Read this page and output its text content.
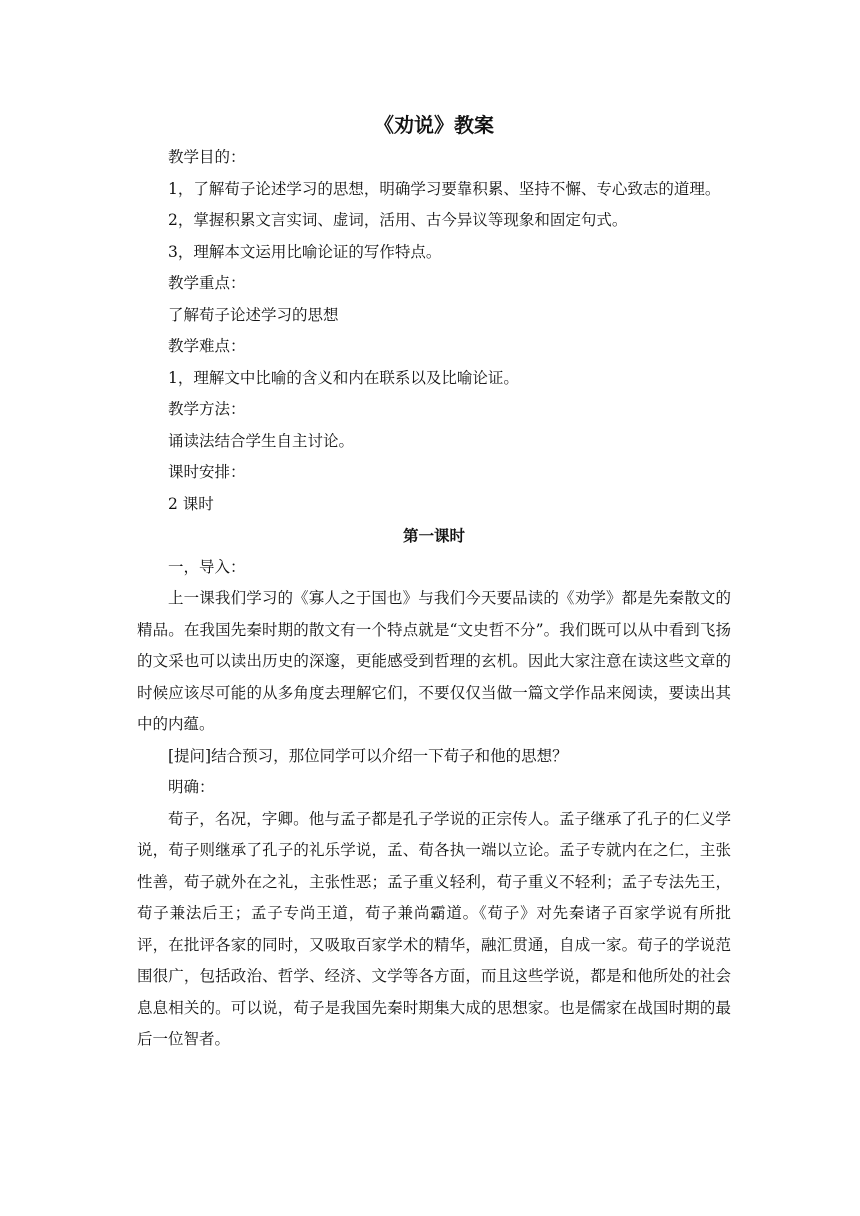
《劝说》教案

教学目的：

1，了解荀子论述学习的思想，明确学习要靠积累、坚持不懈、专心致志的道理。

2，掌握积累文言实词、虚词，活用、古今异议等现象和固定句式。

3，理解本文运用比喻论证的写作特点。

教学重点：

了解荀子论述学习的思想

教学难点：

1，理解文中比喻的含义和内在联系以及比喻论证。

教学方法：

诵读法结合学生自主讨论。

课时安排：

2 课时

第一课时

一，导入：

上一课我们学习的《寡人之于国也》与我们今天要品读的《劝学》都是先秦散文的精品。在我国先秦时期的散文有一个特点就是“文史哲不分”。我们既可以从中看到飞扬的文采也可以读出历史的深邃，更能感受到哲理的玄机。因此大家注意在读这些文章的时候应该尽可能的从多角度去理解它们，不要仅仅当做一篇文学作品来阅读，要读出其中的内蕴。

[提问]结合预习，那位同学可以介绍一下荀子和他的思想？

明确：

荀子，名况，字卿。他与孟子都是孔子学说的正宗传人。孟子继承了孔子的仁义学说，荀子则继承了孔子的礼乐学说，孟、荀各执一端以立论。孟子专就内在之仁，主张性善，荀子就外在之礼，主张性恶；孟子重义轻利，荀子重义不轻利；孟子专法先王，荀子兼法后王；孟子专尚王道，荀子兼尚霸道。《荀子》对先秦诸子百家学说有所批评，在批评各家的同时，又吸取百家学术的精华，融汇贯通，自成一家。荀子的学说范围很广，包括政治、哲学、经济、文学等各方面，而且这些学说，都是和他所处的社会息息相关的。可以说，荀子是我国先秦时期集大成的思想家。也是儒家在战国时期的最后一位智者。
